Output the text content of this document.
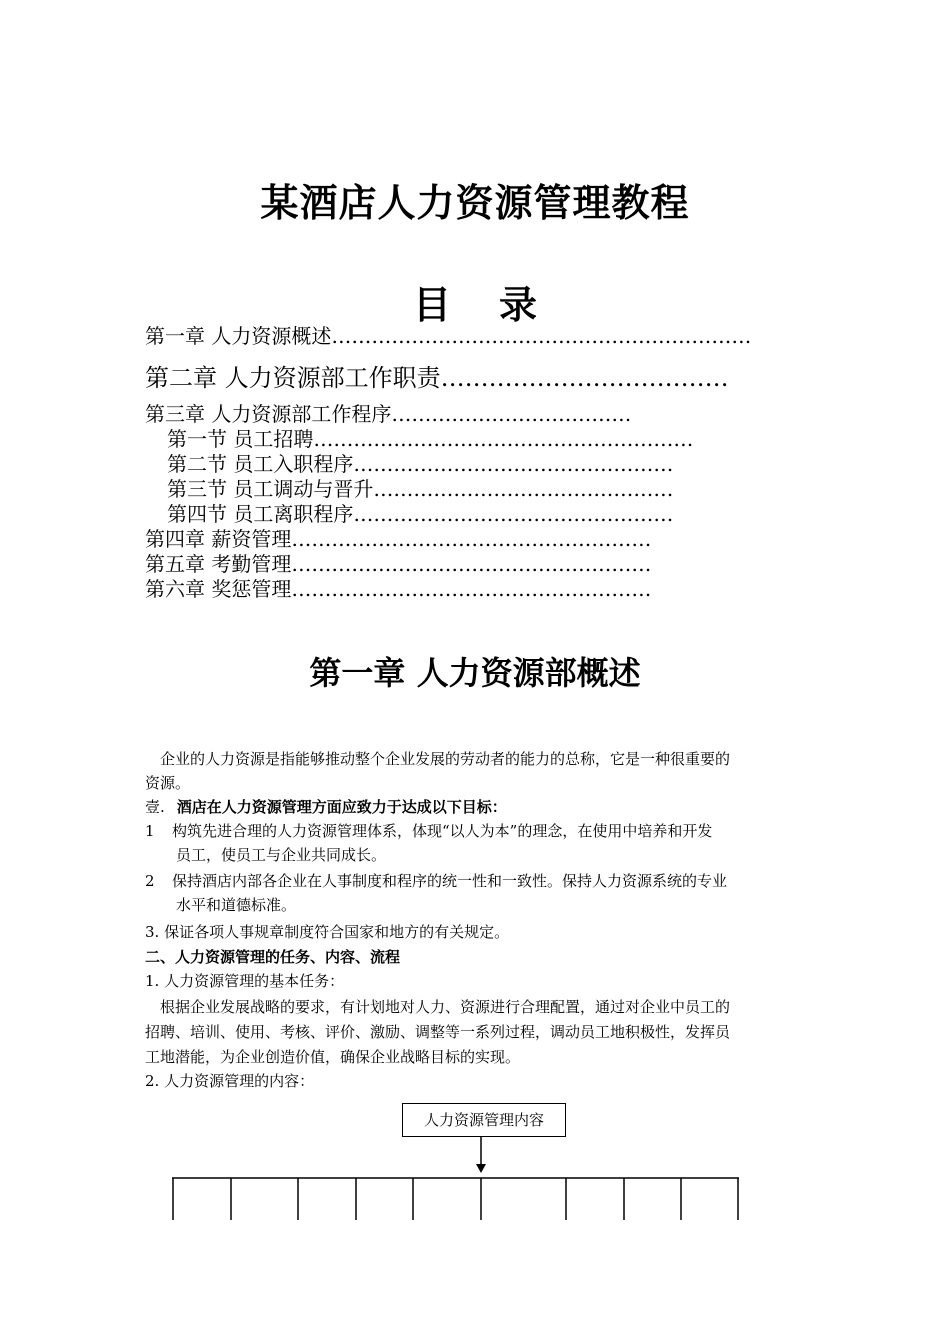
某酒店人力资源管理教程
目 录
第一章 人力资源概述………………………………………………………
第二章 人力资源部工作职责………………………………
第三章 人力资源部工作程序………………………………
第一节 员工招聘…………………………………………………
第二节 员工入职程序…………………………………………
第三节 员工调动与晋升………………………………………
第四节 员工离职程序…………………………………………
第四章 薪资管理………………………………………………
第五章 考勤管理………………………………………………
第六章 奖惩管理………………………………………………
第一章 人力资源部概述
企业的人力资源是指能够推动整个企业发展的劳动者的能力的总称，它是一种很重要的
资源。
壹. 酒店在人力资源管理方面应致力于达成以下目标：
1 构筑先进合理的人力资源管理体系，体现“以人为本”的理念，在使用中培养和开发
员工，使员工与企业共同成长。
2 保持酒店内部各企业在人事制度和程序的统一性和一致性。保持人力资源系统的专业
水平和道德标准。
3. 保证各项人事规章制度符合国家和地方的有关规定。
二、人力资源管理的任务、内容、流程
1. 人力资源管理的基本任务：
根据企业发展战略的要求，有计划地对人力、资源进行合理配置，通过对企业中员工的
招聘、培训、使用、考核、评价、激励、调整等一系列过程，调动员工地积极性，发挥员
工地潜能，为企业创造价值，确保企业战略目标的实现。
2. 人力资源管理的内容：
人力资源管理内容
